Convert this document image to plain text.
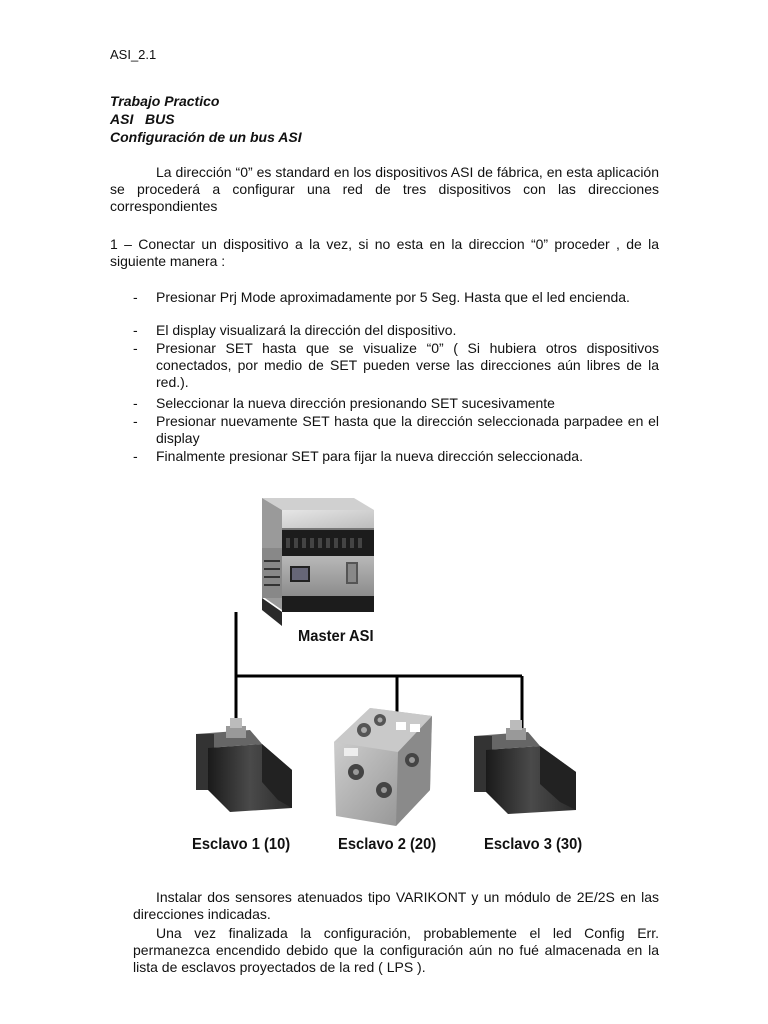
ASI_2.1
Trabajo Practico
ASI   BUS
Configuración de un bus ASI
La dirección “0” es standard en los dispositivos ASI de fábrica, en esta aplicación se procederá a configurar una red de tres dispositivos con las direcciones correspondientes
1 – Conectar un dispositivo a la vez, si no esta en la direccion “0” proceder , de la siguiente manera :
- Presionar Prj Mode aproximadamente por 5 Seg. Hasta que el led encienda.
- El display visualizará la dirección del dispositivo.
- Presionar SET hasta que se visualize “0” ( Si hubiera otros dispositivos conectados, por medio de SET pueden verse las direcciones aún libres de la red.).
- Seleccionar la nueva dirección presionando SET sucesivamente
- Presionar nuevamente SET hasta que la dirección seleccionada parpadee en el display
- Finalmente presionar SET para fijar la nueva dirección seleccionada.
Master ASI
Esclavo 1 (10)	Esclavo 2 (20)	Esclavo 3 (30)
Instalar dos sensores atenuados tipo VARIKONT y un módulo de 2E/2S en las direcciones indicadas.
Una vez finalizada la configuración, probablemente el led Config Err. permanezca encendido debido que la configuración aún no fué almacenada en la lista de esclavos proyectados de la red ( LPS ).
